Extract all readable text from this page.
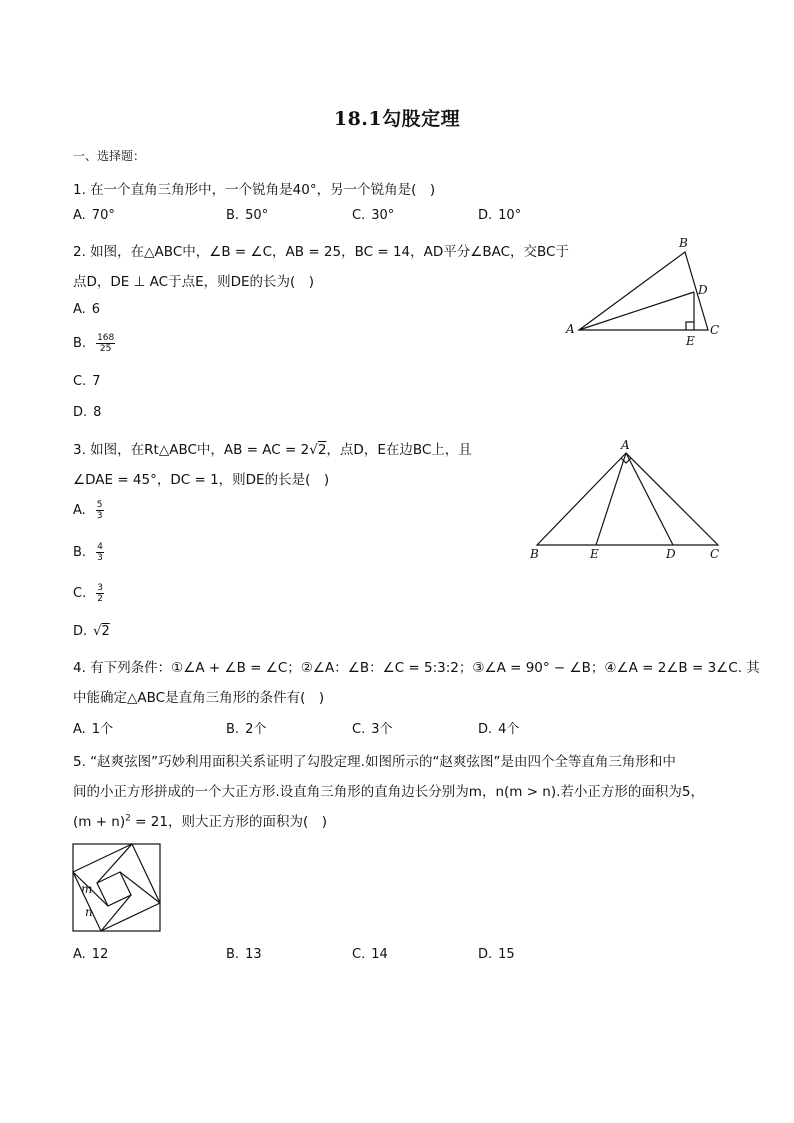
18.1勾股定理
一、选择题：
1. 在一个直角三角形中，一个锐角是40°，另一个锐角是( )
A. 70°	B. 50°	C. 30°	D. 10°
2. 如图，在△ABC中，∠B = ∠C，AB = 25，BC = 14，AD平分∠BAC，交BC于
点D，DE ⊥ AC于点E，则DE的长为( )
A. 6
B. $\frac{168}{25}$
C. 7
D. 8
A
B
C
D
E
3. 如图，在Rt△ABC中，AB = AC = 2√2，点D，E在边BC上，且
∠DAE = 45°，DC = 1，则DE的长是( )
A. $\frac{5}{3}$
B. $\frac{4}{3}$
C. $\frac{3}{2}$
D. √2
A
B	E	D	C
4. 有下列条件：①∠A + ∠B = ∠C；②∠A：∠B：∠C = 5:3:2；③∠A = 90° − ∠B；④∠A = 2∠B = 3∠C. 其
中能确定△ABC是直角三角形的条件有( )
A. 1个	B. 2个	C. 3个	D. 4个
5. “赵爽弦图”巧妙利用面积关系证明了勾股定理.如图所示的“赵爽弦图”是由四个全等直角三角形和中
间的小正方形拼成的一个大正方形.设直角三角形的直角边长分别为m，n(m > n).若小正方形的面积为5，
$(m + n)^2 = 21$，则大正方形的面积为( )
m
n
A. 12	B. 13	C. 14	D. 15
